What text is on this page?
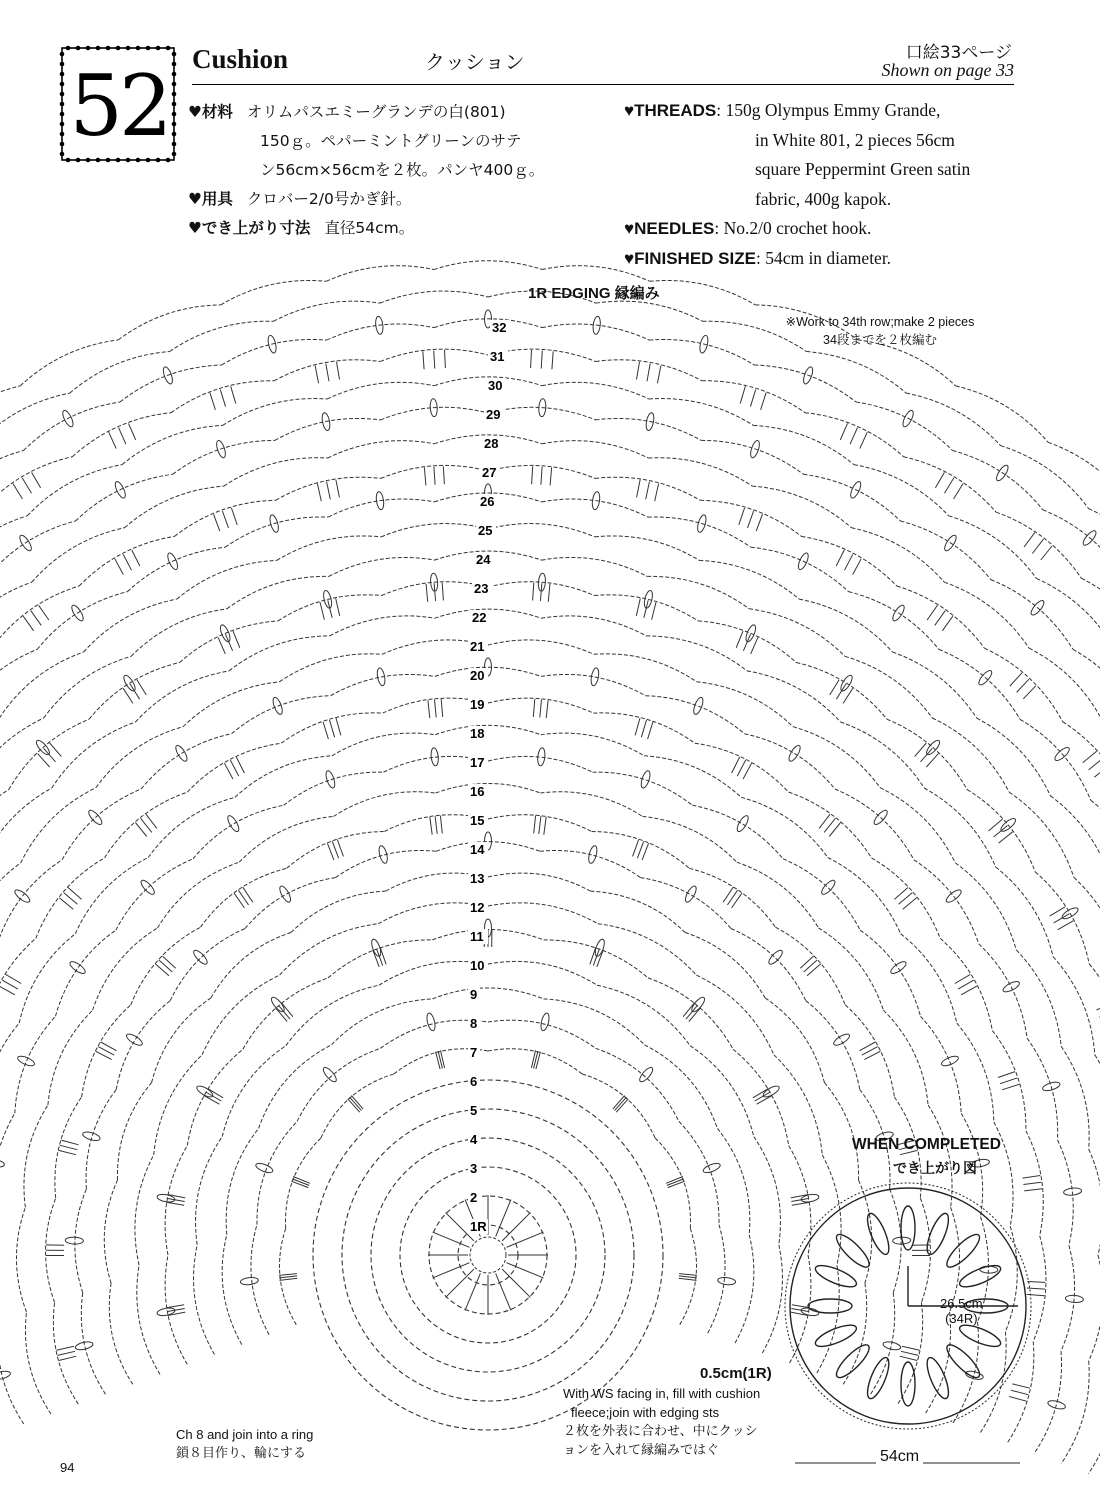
32
31
30
29
28
27
26
25
24
23
22
21
20
19
18
17
16
15
14
13
12
11
10
9
8
7
6
5
4
3
2
1R
52 Cushion	クッション	口絵33ページ
Shown on page 33
♥材料 オリムパスエミーグランデの白(801)
150ｇ。ペパーミントグリーンのサテ
ン56cm×56cmを２枚。パンヤ400ｇ。
♥用具 クロバー2/0号かぎ針。
♥でき上がり寸法 直径54cm。
♥THREADS : 150g Olympus Emmy Grande,
in White 801, 2 pieces 56cm
square Peppermint Green satin
fabric, 400g kapok.
♥NEEDLES : No.2/0 crochet hook.
♥FINISHED SIZE : 54cm in diameter.
1R EDGING 縁編み
※Work to 34th row;make 2 pieces
34段までを２枚編む
WHEN COMPLETED
でき上がり図
26.5cm
(34R)
0.5cm(1R)
With WS facing in, fill with cushion
fleece;join with edging sts
２枚を外表に合わせ、中にクッシ
ョンを入れて縁編みではぐ
Ch 8 and join into a ring
鎖８目作り、輪にする
94
54cm
